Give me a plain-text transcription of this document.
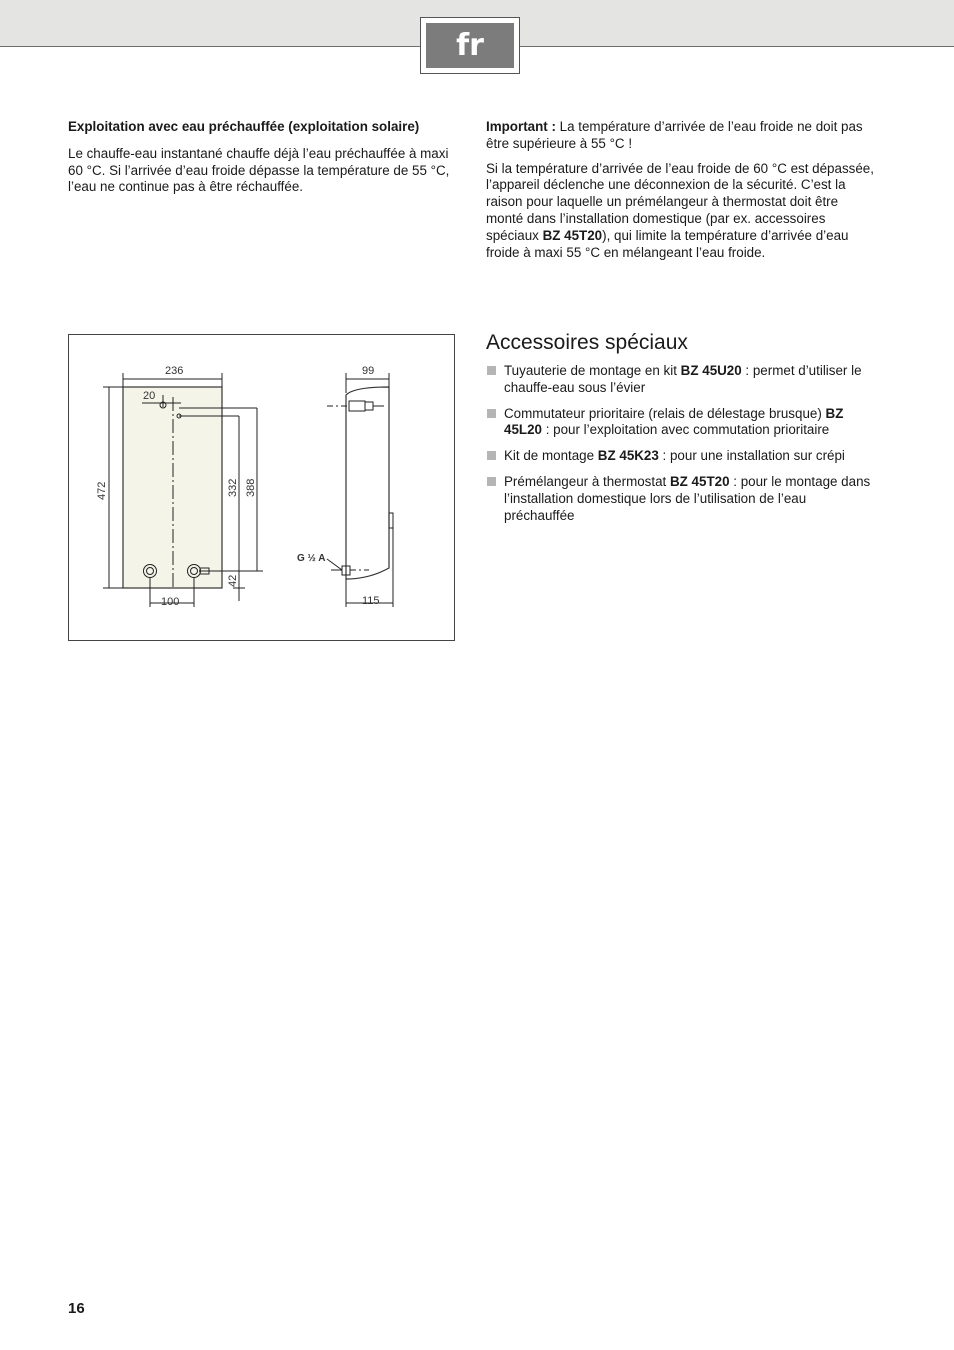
fr
Exploitation avec eau préchauffée (exploitation solaire)

Le chauffe-eau instantané chauffe déjà l’eau préchauffée à maxi 60 °C. Si l’arrivée d’eau froide dépasse la température de 55 °C, l’eau ne continue pas à être réchauffée.

Important : La température d’arrivée de l’eau froide ne doit pas être supérieure à 55 °C !

Si la température d’arrivée de l’eau froide de 60 °C est dépassée, l’appareil déclenche une déconnexion de la sécurité. C’est la raison pour laquelle un prémélangeur à thermostat doit être monté dans l’installation domestique (par ex. accessoires spéciaux BZ 45T20), qui limite la température d’arrivée d’eau froide à maxi 55 °C en mélangeant l’eau froide.

236
20
472	332 388
42
100
99
115
G ½ A
Accessoires spéciaux
Tuyauterie de montage en kit BZ 45U20 : permet d’utiliser le chauffe-eau sous l’évier
Commutateur prioritaire (relais de délestage brusque) BZ 45L20 : pour l’exploitation avec commutation prioritaire
Kit de montage BZ 45K23 : pour une installation sur crépi
Prémélangeur à thermostat BZ 45T20 : pour le montage dans l’installation domestique lors de l’utilisation de l’eau préchauffée
16
